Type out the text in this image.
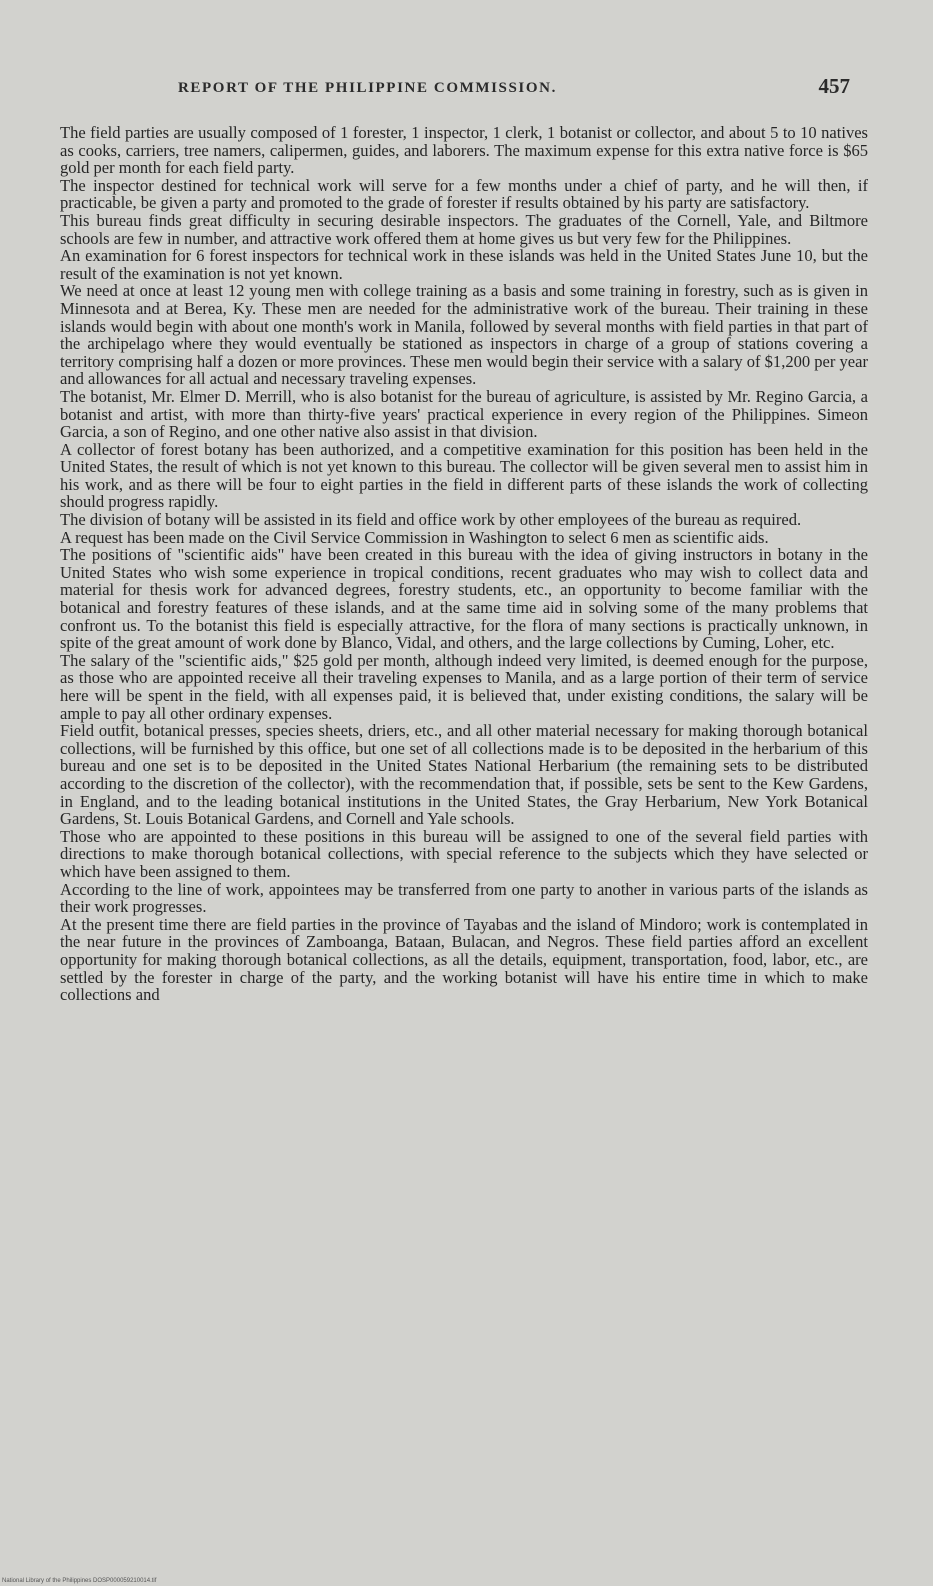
REPORT OF THE PHILIPPINE COMMISSION.	457

The field parties are usually composed of 1 forester, 1 inspector, 1 clerk, 1 botanist or collector, and about 5 to 10 natives as cooks, carriers, tree namers, calipermen, guides, and laborers. The maximum expense for this extra native force is $65 gold per month for each field party.

The inspector destined for technical work will serve for a few months under a chief of party, and he will then, if practicable, be given a party and promoted to the grade of forester if results obtained by his party are satisfactory.

This bureau finds great difficulty in securing desirable inspectors. The graduates of the Cornell, Yale, and Biltmore schools are few in number, and attractive work offered them at home gives us but very few for the Philippines.

An examination for 6 forest inspectors for technical work in these islands was held in the United States June 10, but the result of the examination is not yet known.

We need at once at least 12 young men with college training as a basis and some training in forestry, such as is given in Minnesota and at Berea, Ky. These men are needed for the administrative work of the bureau. Their training in these islands would begin with about one month's work in Manila, followed by several months with field parties in that part of the archipelago where they would eventually be stationed as inspectors in charge of a group of stations covering a territory comprising half a dozen or more provinces. These men would begin their service with a salary of $1,200 per year and allowances for all actual and necessary traveling expenses.

The botanist, Mr. Elmer D. Merrill, who is also botanist for the bureau of agriculture, is assisted by Mr. Regino Garcia, a botanist and artist, with more than thirty-five years' practical experience in every region of the Philippines. Simeon Garcia, a son of Regino, and one other native also assist in that division.

A collector of forest botany has been authorized, and a competitive examination for this position has been held in the United States, the result of which is not yet known to this bureau. The collector will be given several men to assist him in his work, and as there will be four to eight parties in the field in different parts of these islands the work of collecting should progress rapidly.

The division of botany will be assisted in its field and office work by other employees of the bureau as required.

A request has been made on the Civil Service Commission in Washington to select 6 men as scientific aids.

The positions of "scientific aids" have been created in this bureau with the idea of giving instructors in botany in the United States who wish some experience in tropical conditions, recent graduates who may wish to collect data and material for thesis work for advanced degrees, forestry students, etc., an opportunity to become familiar with the botanical and forestry features of these islands, and at the same time aid in solving some of the many problems that confront us. To the botanist this field is especially attractive, for the flora of many sections is practically unknown, in spite of the great amount of work done by Blanco, Vidal, and others, and the large collections by Cuming, Loher, etc.

The salary of the "scientific aids," $25 gold per month, although indeed very limited, is deemed enough for the purpose, as those who are appointed receive all their traveling expenses to Manila, and as a large portion of their term of service here will be spent in the field, with all expenses paid, it is believed that, under existing conditions, the salary will be ample to pay all other ordinary expenses.

Field outfit, botanical presses, species sheets, driers, etc., and all other material necessary for making thorough botanical collections, will be furnished by this office, but one set of all collections made is to be deposited in the herbarium of this bureau and one set is to be deposited in the United States National Herbarium (the remaining sets to be distributed according to the discretion of the collector), with the recommendation that, if possible, sets be sent to the Kew Gardens, in England, and to the leading botanical institutions in the United States, the Gray Herbarium, New York Botanical Gardens, St. Louis Botanical Gardens, and Cornell and Yale schools.

Those who are appointed to these positions in this bureau will be assigned to one of the several field parties with directions to make thorough botanical collections, with special reference to the subjects which they have selected or which have been assigned to them.

According to the line of work, appointees may be transferred from one party to another in various parts of the islands as their work progresses.

At the present time there are field parties in the province of Tayabas and the island of Mindoro; work is contemplated in the near future in the provinces of Zamboanga, Bataan, Bulacan, and Negros. These field parties afford an excellent opportunity for making thorough botanical collections, as all the details, equipment, transportation, food, labor, etc., are settled by the forester in charge of the party, and the working botanist will have his entire time in which to make collections and

National Library of the Philippines DOSP000059210014.tif
